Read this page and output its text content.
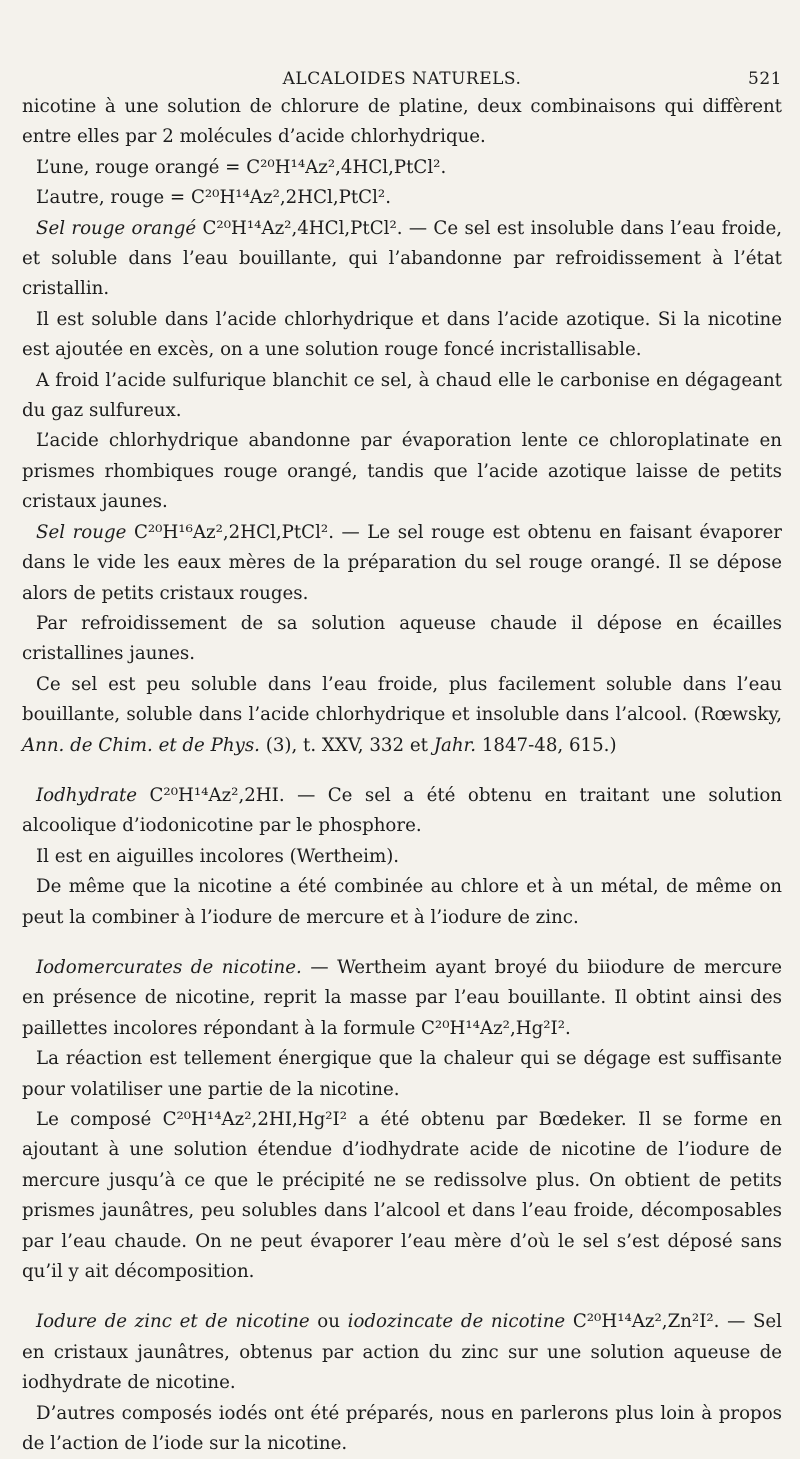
ALCALOIDES NATURELS.	521

nicotine à une solution de chlorure de platine, deux combinaisons qui diffèrent entre elles par 2 molécules d’acide chlorhydrique.

L’une, rouge orangé = C²⁰H¹⁴Az²,4HCl,PtCl².

L’autre, rouge = C²⁰H¹⁴Az²,2HCl,PtCl².

Sel rouge orangé C²⁰H¹⁴Az²,4HCl,PtCl². — Ce sel est insoluble dans l’eau froide, et soluble dans l’eau bouillante, qui l’abandonne par refroidissement à l’état cristallin.

Il est soluble dans l’acide chlorhydrique et dans l’acide azotique. Si la nicotine est ajoutée en excès, on a une solution rouge foncé incristallisable.

A froid l’acide sulfurique blanchit ce sel, à chaud elle le carbonise en dégageant du gaz sulfureux.

L’acide chlorhydrique abandonne par évaporation lente ce chloroplatinate en prismes rhombiques rouge orangé, tandis que l’acide azotique laisse de petits cristaux jaunes.

Sel rouge C²⁰H¹⁶Az²,2HCl,PtCl². — Le sel rouge est obtenu en faisant évaporer dans le vide les eaux mères de la préparation du sel rouge orangé. Il se dépose alors de petits cristaux rouges.

Par refroidissement de sa solution aqueuse chaude il dépose en écailles cristallines jaunes.

Ce sel est peu soluble dans l’eau froide, plus facilement soluble dans l’eau bouillante, soluble dans l’acide chlorhydrique et insoluble dans l’alcool. (Rœwsky, Ann. de Chim. et de Phys. (3), t. XXV, 332 et Jahr. 1847-48, 615.)

Iodhydrate C²⁰H¹⁴Az²,2HI. — Ce sel a été obtenu en traitant une solution alcoolique d’iodonicotine par le phosphore.

Il est en aiguilles incolores (Wertheim).

De même que la nicotine a été combinée au chlore et à un métal, de même on peut la combiner à l’iodure de mercure et à l’iodure de zinc.

Iodomercurates de nicotine. — Wertheim ayant broyé du biiodure de mercure en présence de nicotine, reprit la masse par l’eau bouillante. Il obtint ainsi des paillettes incolores répondant à la formule C²⁰H¹⁴Az²,Hg²I².

La réaction est tellement énergique que la chaleur qui se dégage est suffisante pour volatiliser une partie de la nicotine.

Le composé C²⁰H¹⁴Az²,2HI,Hg²I² a été obtenu par Bœdeker. Il se forme en ajoutant à une solution étendue d’iodhydrate acide de nicotine de l’iodure de mercure jusqu’à ce que le précipité ne se redissolve plus. On obtient de petits prismes jaunâtres, peu solubles dans l’alcool et dans l’eau froide, décomposables par l’eau chaude. On ne peut évaporer l’eau mère d’où le sel s’est déposé sans qu’il y ait décomposition.

Iodure de zinc et de nicotine ou iodozincate de nicotine C²⁰H¹⁴Az²,Zn²I². — Sel en cristaux jaunâtres, obtenus par action du zinc sur une solution aqueuse de iodhydrate de nicotine.

D’autres composés iodés ont été préparés, nous en parlerons plus loin à propos de l’action de l’iode sur la nicotine.
